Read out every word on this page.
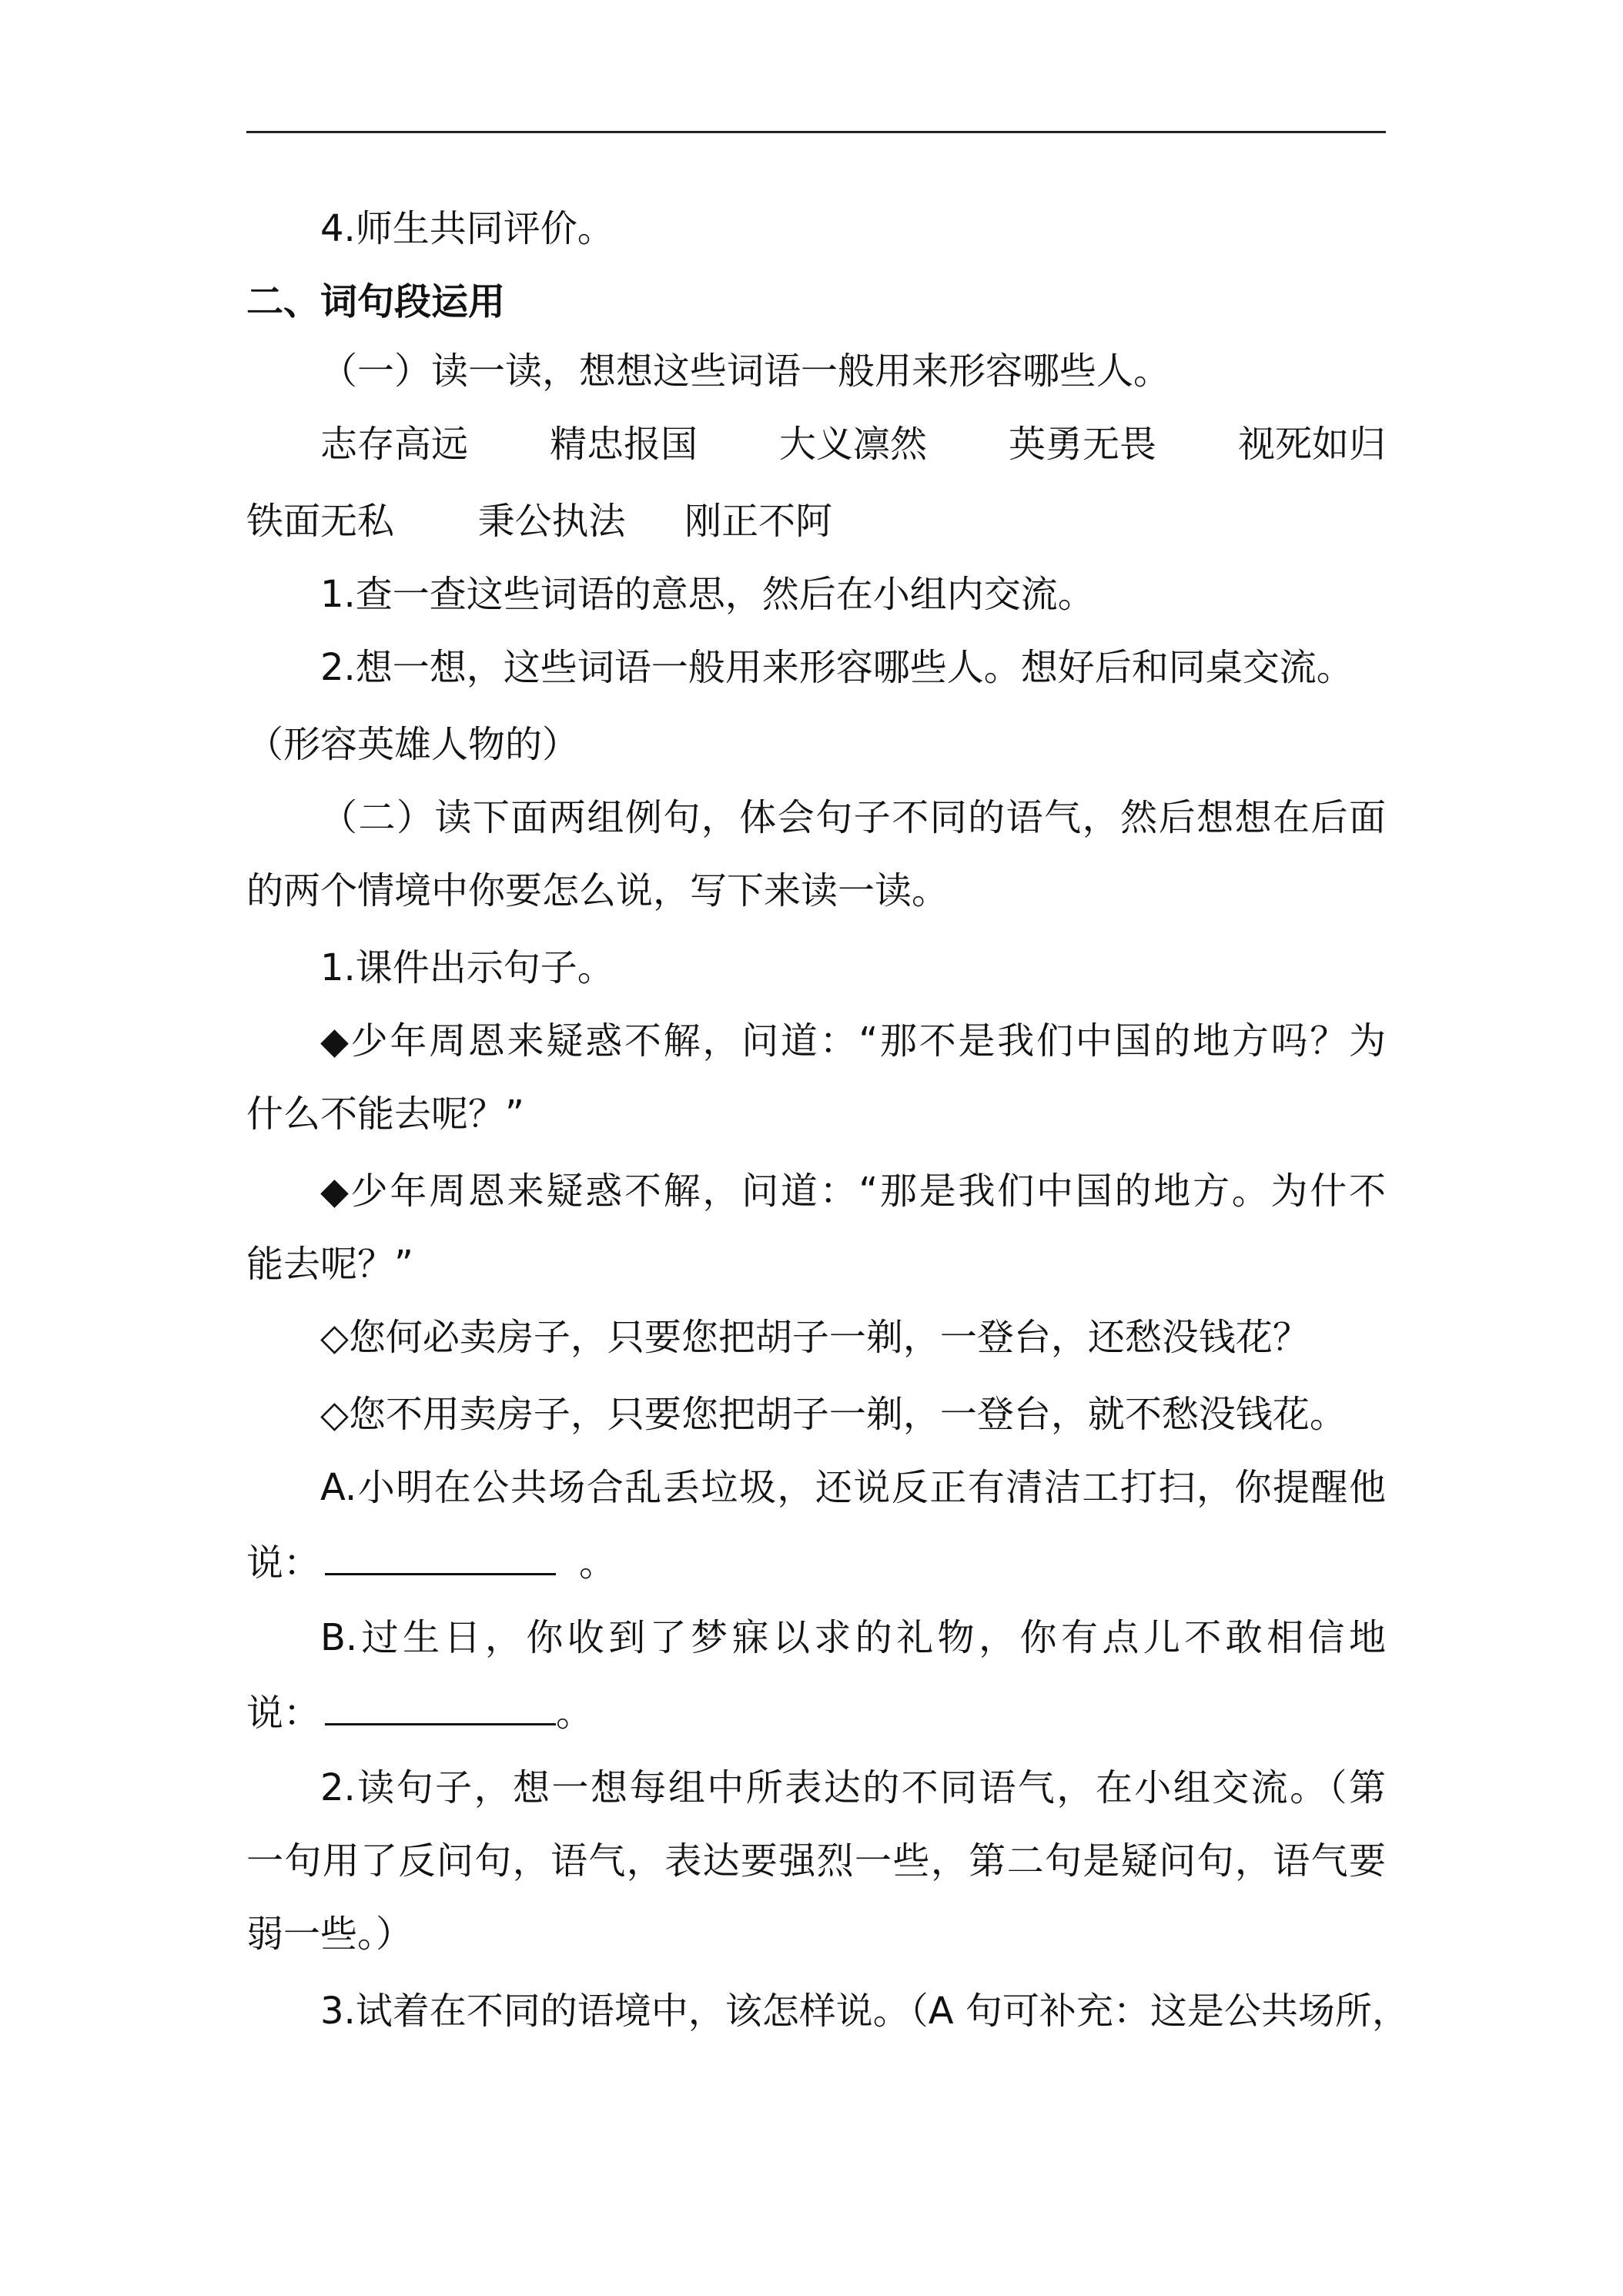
4.师生共同评价。
二、词句段运用
（一）读一读，想想这些词语一般用来形容哪些人。
志存高远 精忠报国 大义凛然 英勇无畏 视死如归
铁面无私 秉公执法 刚正不阿
1.查一查这些词语的意思，然后在小组内交流。
2.想一想，这些词语一般用来形容哪些人。想好后和同桌交流。
（形容英雄人物的）
（二）读下面两组例句，体会句子不同的语气，然后想想在后面
的两个情境中你要怎么说，写下来读一读。
1.课件出示句子。
◆少年周恩来疑惑不解，问道：“那不是我们中国的地方吗？为
什么不能去呢？”
◆少年周恩来疑惑不解，问道：“那是我们中国的地方。为什不
能去呢？”
◇您何必卖房子，只要您把胡子一剃，一登台，还愁没钱花？
◇您不用卖房子，只要您把胡子一剃，一登台，就不愁没钱花。
A.小明在公共场合乱丢垃圾，还说反正有清洁工打扫，你提醒他
说：	。
B.过生日，你收到了梦寐以求的礼物，你有点儿不敢相信地
说：	。
2.读句子，想一想每组中所表达的不同语气，在小组交流。（第
一句用了反问句，语气，表达要强烈一些，第二句是疑问句，语气要
弱一些。）
3.试着在不同的语境中，该怎样说。（A 句可补充：这是公共场所，
